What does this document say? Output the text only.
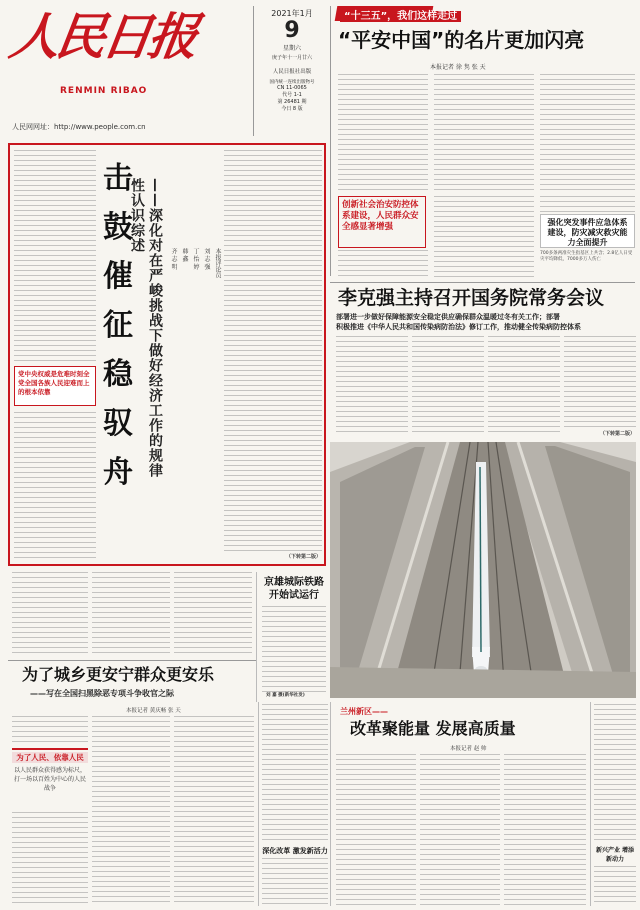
人民日报
RENMIN RIBAO
人民网网址：http://www.people.com.cn
2021年1月
9
星期六
庚子年十一月廿六
人民日报社出版
国内统一连续出版物号
CN 11-0065
代号 1-1
第 26481 期
今日 8 版
“十三五”，我们这样走过
“平安中国”的名片更加闪亮
本报记者 徐 隽 张 天
创新社会治安防控体系建设，人民群众安全感显著增强	强化突发事件应急体系建设，防灾减灾救灾能力全面提升
700多条两准灾生指基区上共含；2.8亿人日受灾平均降低，7000多万人伤亡
党中央权威是危难时刻全党全国各族人民迎难而上的根本依靠
击
鼓
催
征
稳
驭
舟 ——深化对在严峻挑战下做好经济工作的规律性认识综述
本报评论员
刘 志 强
丁 怡 婷
韩 鑫
齐 志 明
（下转第二版）
李克强主持召开国务院常务会议
部署进一步做好保障能源安全稳定供应确保群众温暖过冬有关工作；部署
积极推进《中华人民共和国传染病防治法》修订工作，推动健全传染病防控体系
（下转第二版）
京雄城际铁路
开始试运行
刘 嘉 摄(新华社发)
为了城乡更安宁群众更安乐
——写在全国扫黑除恶专项斗争收官之际
本报记者 黄庆畅 张 天
为了人民、依靠人民
以人民群众获得感为标尺，打一场以百姓为中心的人民战争
深化改革 激发新活力
兰州新区——
改革聚能量 发展高质量
本报记者 赵 帅
新兴产业 增添新动力
